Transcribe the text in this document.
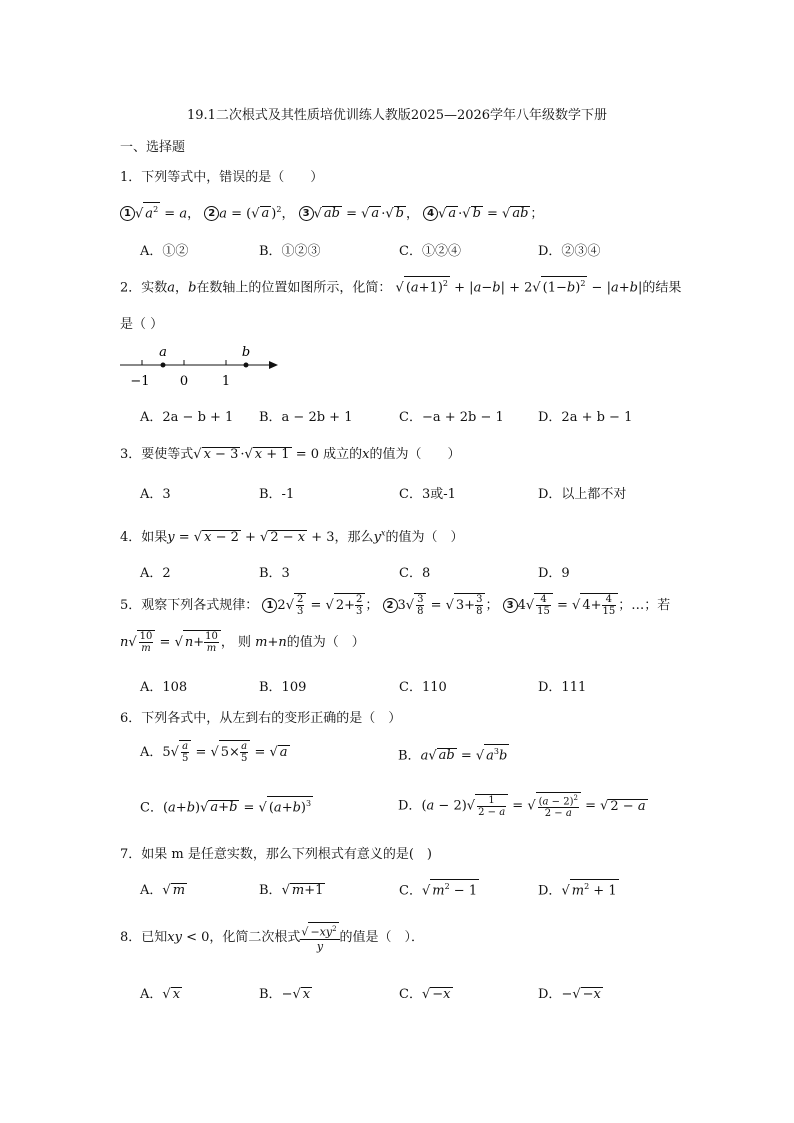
19.1二次根式及其性质培优训练人教版2025—2026学年八年级数学下册
一、选择题
1．下列等式中，错误的是（　　）
1 √ $a^2 = a$， 2 a = (√ a )$^2$， 3 √ ab = √ a ·√ b ， 4 √ a ·√ b = √ ab ；
A．①②	B．①②③	C．①②④	D．②③④
2．实数a，b在数轴上的位置如图所示，化简： √ $(a+1)^2 + |a-b| + 2√$ $(1-b)^2 - |a+b|$的结果
是（ ）
a	b
−1 0	1
A．2a − b + 1 B．a − 2b + 1	C．−a + 2b − 1	D．2a + b − 1
3．要使等式√ x − 3 ·√ x + 1 = 0 成立的x的值为（　　）
A．3	B．-1	C．3或-1	D．以上都不对
4．如果y = √ x − 2 + √ 2 − x + 3，那么$y^x$的值为（　）
A．2	B．3	C．8	D．9
5．观察下列各式规律： 1 $2√ \frac{2}{3}$ = √ $2+ \frac{2}{3}$ ； 2 $3√ \frac{3}{8}$ = √ $3+ \frac{3}{8}$ ； 3 $4√ \frac{4}{15}$ = √ $4+ \frac{4}{15}$ ；…；若
$n√ \frac{10}{m}$ = √ $n+ \frac{10}{m}$ ， 则 m+n的值为（　）
A．108	B．109	C．110	D．111
6．下列各式中，从左到右的变形正确的是（　）
A．$5√ \frac{a}{5}$ = √ $5\times \frac{a}{5}$ = √ a	B．a√ ab = √ $a^3b$
C．(a+b)√ a+b = √ $(a+b)^3$	D．$(a - 2)√ \frac{1}{2 - a}$ = √ $\frac{(a - 2)^2}{2 - a}$ = √ 2 − a
7．如果 m 是任意实数，那么下列根式有意义的是(　)
A．√ m	B．√ m+1	C．√ $m^2 - 1$	D．√ $m^2 + 1$
8．已知xy < 0，化简二次根式 $\frac{√ -xy^2}{y}$ 的值是（　）．
A．√ x	B．−√ x	C．√ −x	D．−√ −x
